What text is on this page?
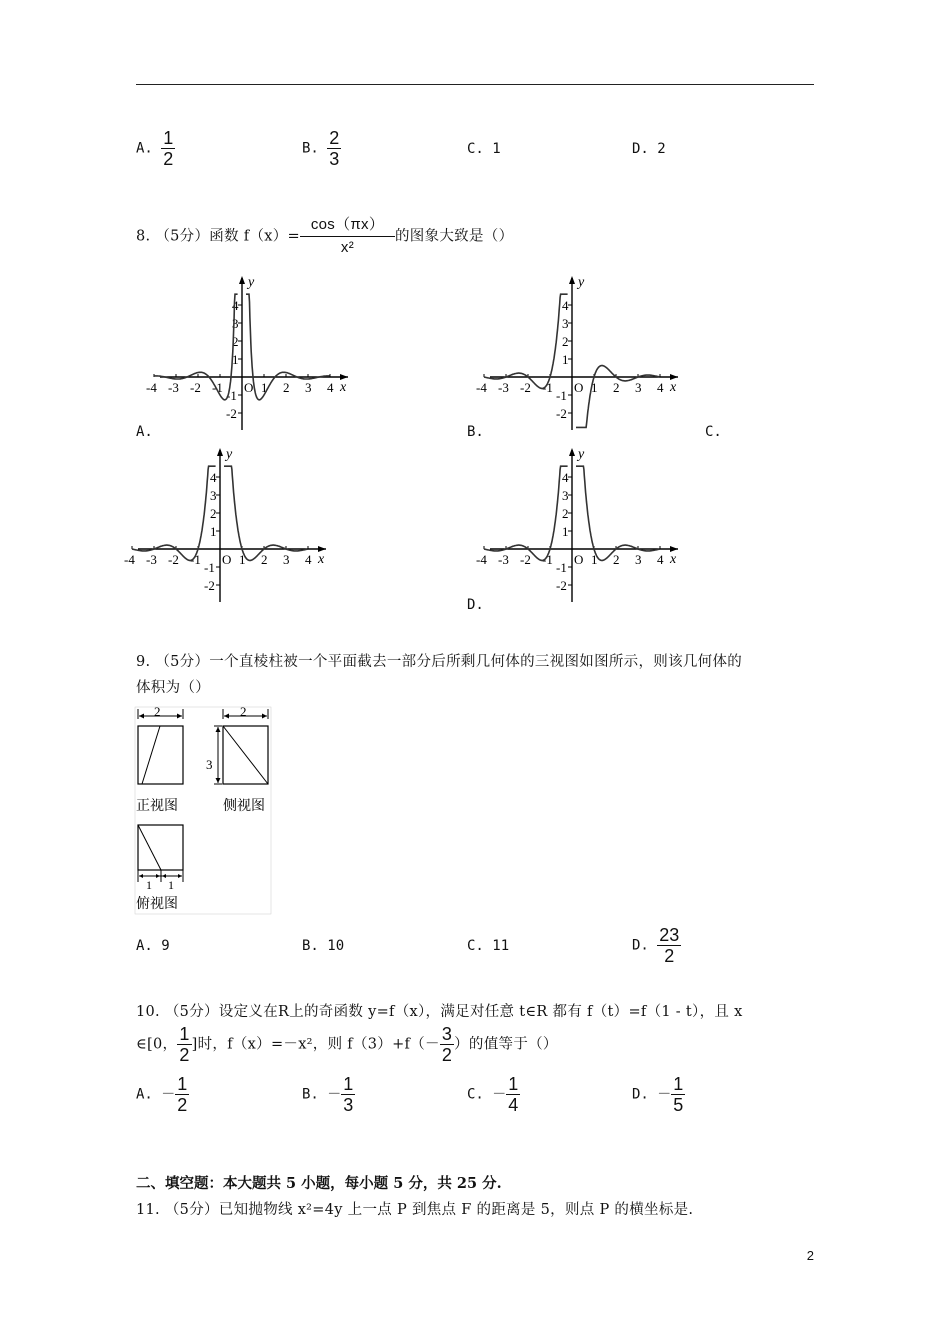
A. $\frac{1}{2}$	B. $\frac{2}{3}$	C. 1	D. 2
8. （5分）函数 $f(x)= \frac{\cos(\pi x)}{\text{x²}}$ 的图象大致是（）
-4 -3 -2 -1 O 1 2 3 4
4
3
2
1
-1
-2
x
y
A.
-4 -3 -2 -1 O 1 2 3 4
4
3
2
1
-1
-2
x
y
B.	C.
-4 -3 -2 -1 O 1 2 3 4
4
3
2
1
-1
-2
x
y
-4 -3 -2 -1 O 1 2 3 4
4
3
2
1
-1
-2
x
y
D.
9. （5分）一个直棱柱被一个平面截去一部分后所剩几何体的三视图如图所示，则该几何体的
体积为（）
2
正视图
2
3
侧视图
1 1
俯视图
A. 9	B. 10	C. 11	D. $\frac{23}{2}$
10. （5分）设定义在R上的奇函数 y=f（x），满足对任意 t∈R 都有 f（t）=f（1 - t），且 x
∈[0， $\frac{1}{2}$ ]时，f（x）=－x²，则 $f(3)+f(- \frac{3}{2}$ ）的值等于（）
A. － $\frac{1}{2}$	B. － $\frac{1}{3}$	C. － $\frac{1}{4}$	D. － $\frac{1}{5}$
二、填空题：本大题共 5 小题，每小题 5 分，共 25 分.
11. （5分）已知抛物线 x²=4y 上一点 P 到焦点 F 的距离是 5，则点 P 的横坐标是.
2
